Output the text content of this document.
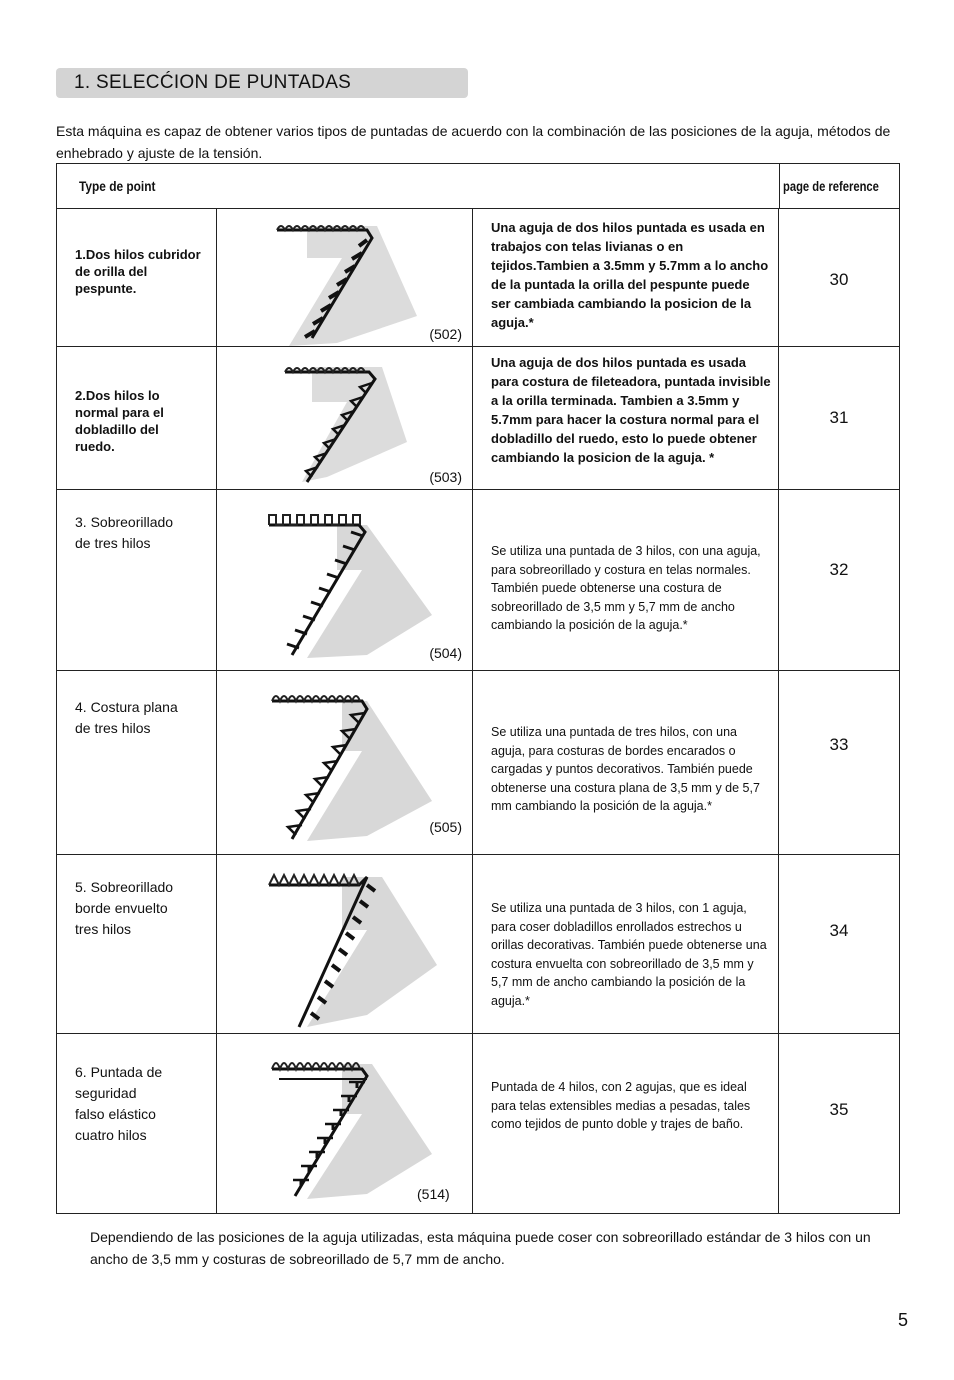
1. SELECĆION DE PUNTADAS
Esta máquina es capaz de obtener varios tipos de puntadas de acuerdo con la combinación de las posiciones de la aguja, métodos de enhebrado y ajuste de la tensión.
Type de point	page de reference
1.Dos hilos cubridor
de orilla del
pespunte.
(502)
Una aguja de dos hilos puntada es usada en trabajos con telas livianas o en tejidos.Tambien a 3.5mm y 5.7mm a lo ancho de la puntada la orilla del pespunte puede ser cambiada cambiando la posicion de la aguja.*
30
2.Dos hilos lo
normal para el
dobladillo del
ruedo.
(503)
Una aguja de dos hilos puntada es usada para costura de fileteadora, puntada invisible a la orilla terminada. Tambien a 3.5mm y 5.7mm para hacer la costura normal para el dobladillo del ruedo, esto lo puede obtener cambiando la posicion de la aguja. *
31
3. Sobreorillado
de tres hilos
(504)
Se utiliza una puntada de 3 hilos, con una aguja, para sobreorillado y costura en telas normales. También puede obtenerse una costura de sobreorillado de 3,5 mm y 5,7 mm de ancho cambiando la posición de la aguja.*
32
4. Costura plana
de tres hilos
(505)
Se utiliza una puntada de tres hilos, con una aguja, para costuras de bordes encarados o cargadas y puntos decorativos. También puede obtenerse una costura plana de 3,5 mm y de 5,7 mm cambiando la posición de la aguja.*
33
5. Sobreorillado
borde envuelto
tres hilos
Se utiliza una puntada de 3 hilos, con 1 aguja, para coser dobladillos enrollados estrechos u orillas decorativas. También puede obtenerse una costura envuelta con sobreorillado de 3,5 mm y 5,7 mm de ancho cambiando la posición de la aguja.*
34
6. Puntada de
seguridad
falso elástico
cuatro hilos
(514)
Puntada de 4 hilos, con 2 agujas, que es ideal para telas extensibles medias a pesadas, tales como tejidos de punto doble y trajes de baño.
35
Dependiendo de las posiciones de la aguja utilizadas, esta máquina puede coser con sobreorillado estándar de 3 hilos con un ancho de 3,5 mm y costuras de sobreorillado de 5,7 mm de ancho.
5
